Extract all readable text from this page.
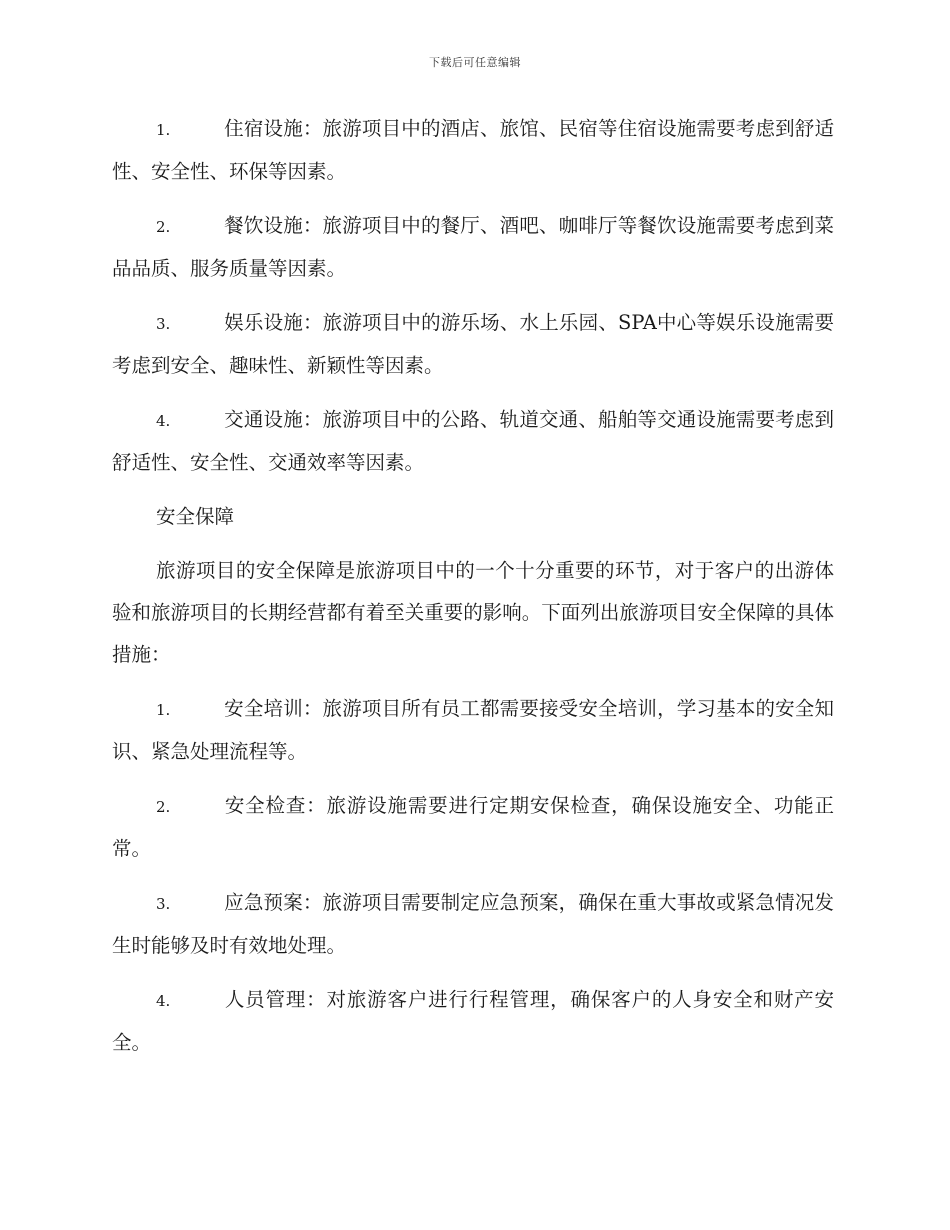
下载后可任意编辑

1.	住宿设施：旅游项目中的酒店、旅馆、民宿等住宿设施需要考虑到舒适性、安全性、环保等因素。

2.	餐饮设施：旅游项目中的餐厅、酒吧、咖啡厅等餐饮设施需要考虑到菜品品质、服务质量等因素。

3.	娱乐设施：旅游项目中的游乐场、水上乐园、SPA中心等娱乐设施需要考虑到安全、趣味性、新颖性等因素。

4.	交通设施：旅游项目中的公路、轨道交通、船舶等交通设施需要考虑到舒适性、安全性、交通效率等因素。

安全保障

旅游项目的安全保障是旅游项目中的一个十分重要的环节，对于客户的出游体验和旅游项目的长期经营都有着至关重要的影响。下面列出旅游项目安全保障的具体措施：

1.	安全培训：旅游项目所有员工都需要接受安全培训，学习基本的安全知识、紧急处理流程等。

2.	安全检查：旅游设施需要进行定期安保检查，确保设施安全、功能正常。

3.	应急预案：旅游项目需要制定应急预案，确保在重大事故或紧急情况发生时能够及时有效地处理。

4.	人员管理：对旅游客户进行行程管理，确保客户的人身安全和财产安全。
